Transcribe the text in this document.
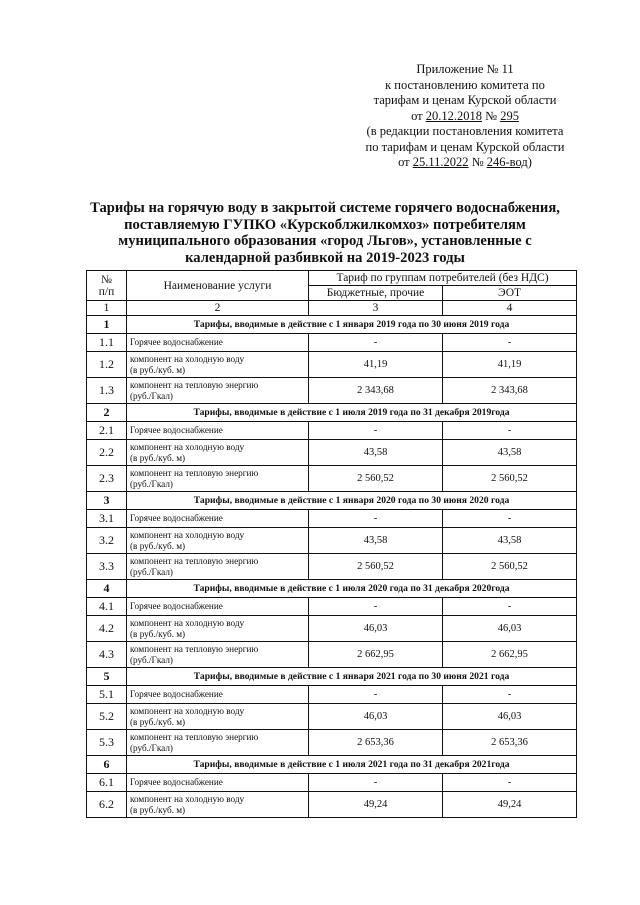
Приложение № 11
к постановлению комитета по
тарифам и ценам Курской области
от 20.12.2018 № 295
(в редакции постановления комитета
по тарифам и ценам Курской области
от 25.11.2022 № 246-вод)
Тарифы на горячую воду в закрытой системе горячего водоснабжения,
поставляемую ГУПКО «Курскоблжилкомхоз» потребителям
муниципального образования «город Льгов», установленные с
календарной разбивкой на 2019-2023 годы
№
п/п	Наименование услуги	Тариф по группам потребителей (без НДС)	
		Бюджетные, прочие	ЭОТ
1	2	3	4
1	Тарифы, вводимые в действие с 1 января 2019 года по 30 июня 2019 года		
1.1	Горячее водоснабжение	-	-
1.2	компонент на холодную воду
(в руб./куб. м)	41,19	41,19
1.3	компонент на тепловую энергию
(руб./Гкал)	2 343,68	2 343,68
2	Тарифы, вводимые в действие с 1 июля 2019 года по 31 декабря 2019года		
2.1	Горячее водоснабжение	-	-
2.2	компонент на холодную воду
(в руб./куб. м)	43,58	43,58
2.3	компонент на тепловую энергию
(руб./Гкал)	2 560,52	2 560,52
3	Тарифы, вводимые в действие с 1 января 2020 года по 30 июня 2020 года		
3.1	Горячее водоснабжение	-	-
3.2	компонент на холодную воду
(в руб./куб. м)	43,58	43,58
3.3	компонент на тепловую энергию
(руб./Гкал)	2 560,52	2 560,52
4	Тарифы, вводимые в действие с 1 июля 2020 года по 31 декабря 2020года		
4.1	Горячее водоснабжение	-	-
4.2	компонент на холодную воду
(в руб./куб. м)	46,03	46,03
4.3	компонент на тепловую энергию
(руб./Гкал)	2 662,95	2 662,95
5	Тарифы, вводимые в действие с 1 января 2021 года по 30 июня 2021 года		
5.1	Горячее водоснабжение	-	-
5.2	компонент на холодную воду
(в руб./куб. м)	46,03	46,03
5.3	компонент на тепловую энергию
(руб./Гкал)	2 653,36	2 653,36
6	Тарифы, вводимые в действие с 1 июля 2021 года по 31 декабря 2021года		
6.1	Горячее водоснабжение	-	-
6.2	компонент на холодную воду
(в руб./куб. м)	49,24	49,24
